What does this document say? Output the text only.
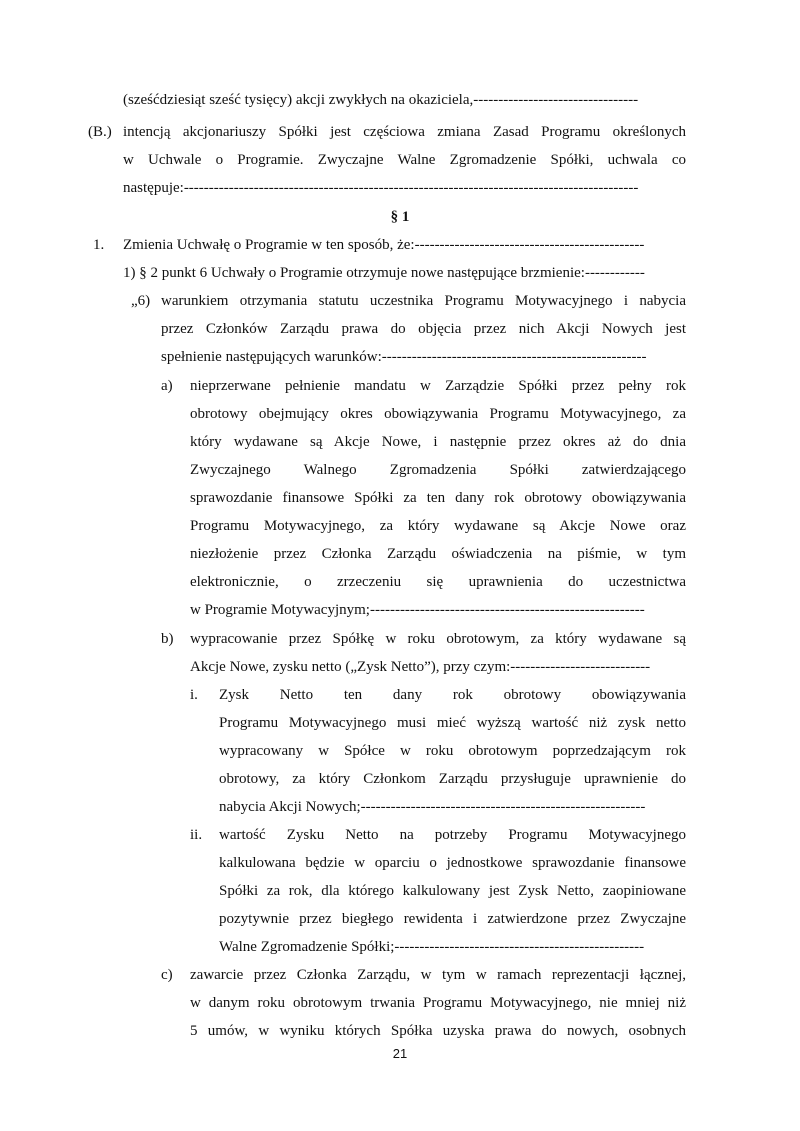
(sześćdziesiąt sześć tysięcy) akcji zwykłych na okaziciela,---------------------------------
(B.) intencją akcjonariuszy Spółki jest częściowa zmiana Zasad Programu określonych
w Uchwale o Programie. Zwyczajne Walne Zgromadzenie Spółki, uchwala co
następuje:-------------------------------------------------------------------------------------------
§ 1
1. Zmienia Uchwałę o Programie w ten sposób, że:----------------------------------------------
1) § 2 punkt 6 Uchwały o Programie otrzymuje nowe następujące brzmienie:------------
„6) warunkiem otrzymania statutu uczestnika Programu Motywacyjnego i nabycia
przez Członków Zarządu prawa do objęcia przez nich Akcji Nowych jest
spełnienie następujących warunków:-----------------------------------------------------
a) nieprzerwane pełnienie mandatu w Zarządzie Spółki przez pełny rok
obrotowy obejmujący okres obowiązywania Programu Motywacyjnego, za
który wydawane są Akcje Nowe, i następnie przez okres aż do dnia
Zwyczajnego Walnego Zgromadzenia Spółki zatwierdzającego
sprawozdanie finansowe Spółki za ten dany rok obrotowy obowiązywania
Programu Motywacyjnego, za który wydawane są Akcje Nowe oraz
niezłożenie przez Członka Zarządu oświadczenia na piśmie, w tym
elektronicznie, o zrzeczeniu się uprawnienia do uczestnictwa
w Programie Motywacyjnym;-------------------------------------------------------
b) wypracowanie przez Spółkę w roku obrotowym, za który wydawane są
Akcje Nowe, zysku netto („Zysk Netto”), przy czym:----------------------------
i. Zysk Netto ten dany rok obrotowy obowiązywania
Programu Motywacyjnego musi mieć wyższą wartość niż zysk netto
wypracowany w Spółce w roku obrotowym poprzedzającym rok
obrotowy, za który Członkom Zarządu przysługuje uprawnienie do
nabycia Akcji Nowych;---------------------------------------------------------
ii. wartość Zysku Netto na potrzeby Programu Motywacyjnego
kalkulowana będzie w oparciu o jednostkowe sprawozdanie finansowe
Spółki za rok, dla którego kalkulowany jest Zysk Netto, zaopiniowane
pozytywnie przez biegłego rewidenta i zatwierdzone przez Zwyczajne
Walne Zgromadzenie Spółki;--------------------------------------------------
c) zawarcie przez Członka Zarządu, w tym w ramach reprezentacji łącznej,
w danym roku obrotowym trwania Programu Motywacyjnego, nie mniej niż
5 umów, w wyniku których Spółka uzyska prawa do nowych, osobnych
21
